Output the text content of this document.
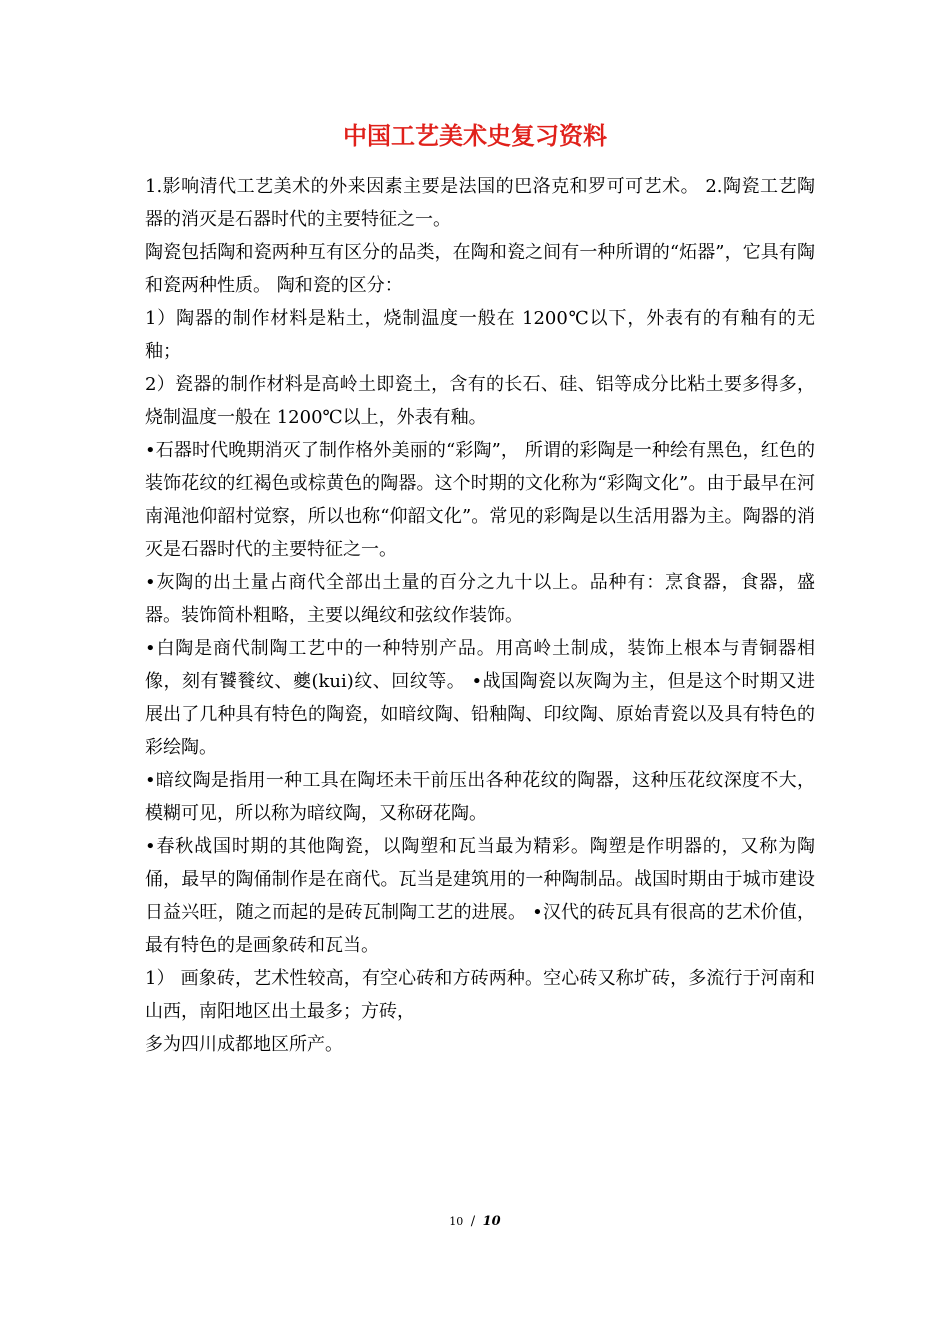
中国工艺美术史复习资料

1.影响清代工艺美术的外来因素主要是法国的巴洛克和罗可可艺术。 2.陶瓷工艺陶器的消灭是石器时代的主要特征之一。

陶瓷包括陶和瓷两种互有区分的品类，在陶和瓷之间有一种所谓的“炻器”，它具有陶和瓷两种性质。 陶和瓷的区分：

1）陶器的制作材料是粘土，烧制温度一般在 1200℃以下，外表有的有釉有的无釉；

2）瓷器的制作材料是高岭土即瓷土，含有的长石、硅、铝等成分比粘土要多得多，烧制温度一般在 1200℃以上，外表有釉。

•石器时代晚期消灭了制作格外美丽的“彩陶”， 所谓的彩陶是一种绘有黑色，红色的装饰花纹的红褐色或棕黄色的陶器。这个时期的文化称为“彩陶文化”。由于最早在河南渑池仰韶村觉察，所以也称“仰韶文化”。常见的彩陶是以生活用器为主。陶器的消灭是石器时代的主要特征之一。

•灰陶的出土量占商代全部出土量的百分之九十以上。品种有：烹食器，食器，盛器。装饰简朴粗略，主要以绳纹和弦纹作装饰。

•白陶是商代制陶工艺中的一种特别产品。用高岭土制成，装饰上根本与青铜器相像，刻有饕餮纹、夔(kui)纹、回纹等。 •战国陶瓷以灰陶为主，但是这个时期又进展出了几种具有特色的陶瓷，如暗纹陶、铅釉陶、印纹陶、原始青瓷以及具有特色的彩绘陶。

•暗纹陶是指用一种工具在陶坯未干前压出各种花纹的陶器，这种压花纹深度不大，模糊可见，所以称为暗纹陶，又称砑花陶。

•春秋战国时期的其他陶瓷，以陶塑和瓦当最为精彩。陶塑是作明器的，又称为陶俑，最早的陶俑制作是在商代。瓦当是建筑用的一种陶制品。战国时期由于城市建设日益兴旺，随之而起的是砖瓦制陶工艺的进展。 •汉代的砖瓦具有很高的艺术价值，最有特色的是画象砖和瓦当。

1） 画象砖，艺术性较高，有空心砖和方砖两种。空心砖又称圹砖，多流行于河南和山西，南阳地区出土最多；方砖，

多为四川成都地区所产。

10 / 10
